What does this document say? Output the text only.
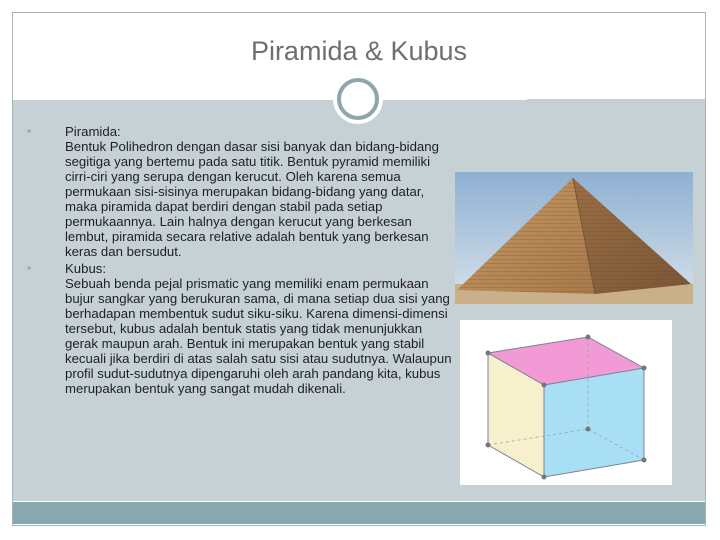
Piramida & Kubus
•	Piramida:
Bentuk Polihedron dengan dasar sisi banyak dan bidang-bidang segitiga yang bertemu pada satu titik. Bentuk pyramid memiliki cirri-ciri yang serupa dengan kerucut. Oleh karena semua permukaan sisi-sisinya merupakan bidang-bidang yang datar, maka piramida dapat berdiri dengan stabil pada setiap permukaannya. Lain halnya dengan kerucut yang berkesan lembut, piramida secara relative adalah bentuk yang berkesan keras dan bersudut.
•	Kubus:
Sebuah benda pejal prismatic yang memiliki enam permukaan bujur sangkar yang berukuran sama, di mana setiap dua sisi yang berhadapan membentuk sudut siku-siku. Karena dimensi-dimensi tersebut, kubus adalah bentuk statis yang tidak menunjukkan gerak maupun arah. Bentuk ini merupakan bentuk yang stabil kecuali jika berdiri di atas salah satu sisi atau sudutnya. Walaupun profil sudut-sudutnya dipengaruhi oleh arah pandang kita, kubus merupakan bentuk yang sangat mudah dikenali.
